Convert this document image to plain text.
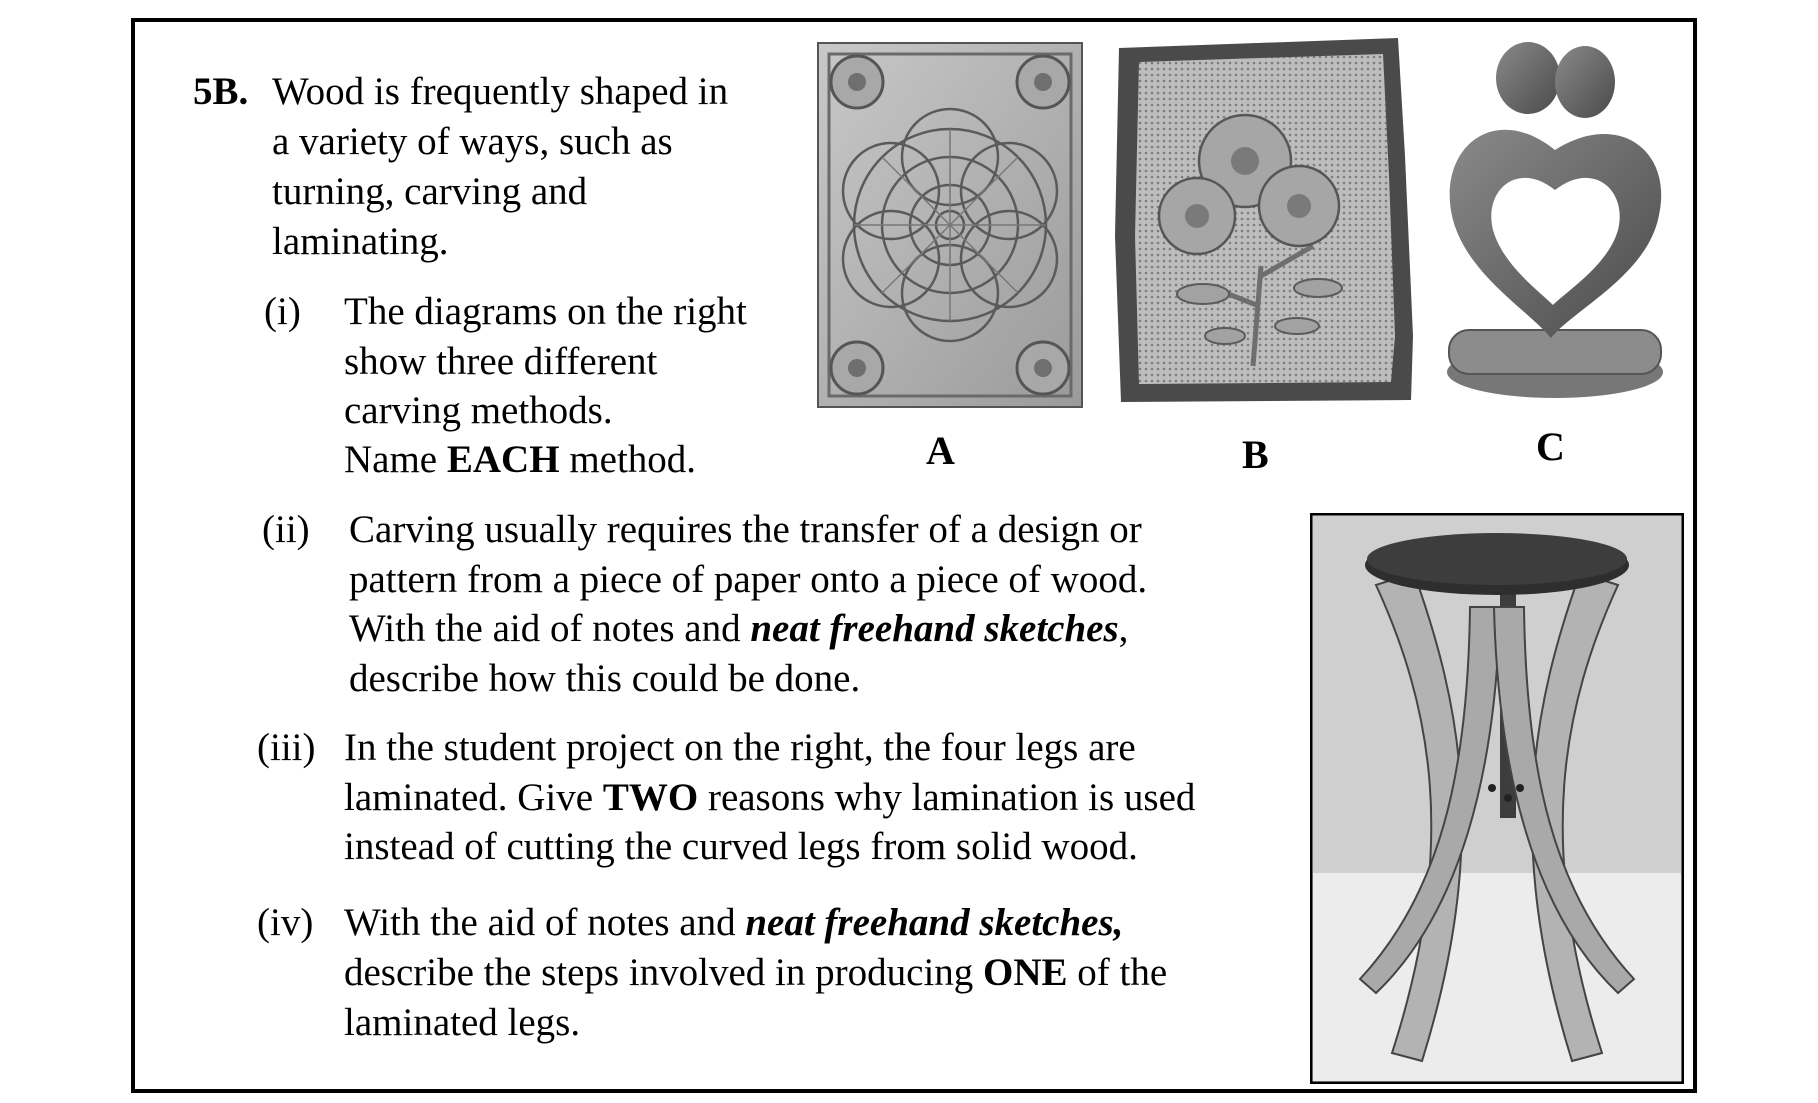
5B. Wood is frequently shaped in
a variety of ways, such as
turning, carving and
laminating.
(i) The diagrams on the right
show three different
carving methods.
Name EACH method.
(ii) Carving usually requires the transfer of a design or
pattern from a piece of paper onto a piece of wood.
With the aid of notes and neat freehand sketches,
describe how this could be done.
(iii) In the student project on the right, the four legs are
laminated. Give TWO reasons why lamination is used
instead of cutting the curved legs from solid wood.
(iv) With the aid of notes and neat freehand sketches,
describe the steps involved in producing ONE of the
laminated legs.
A	B	C
